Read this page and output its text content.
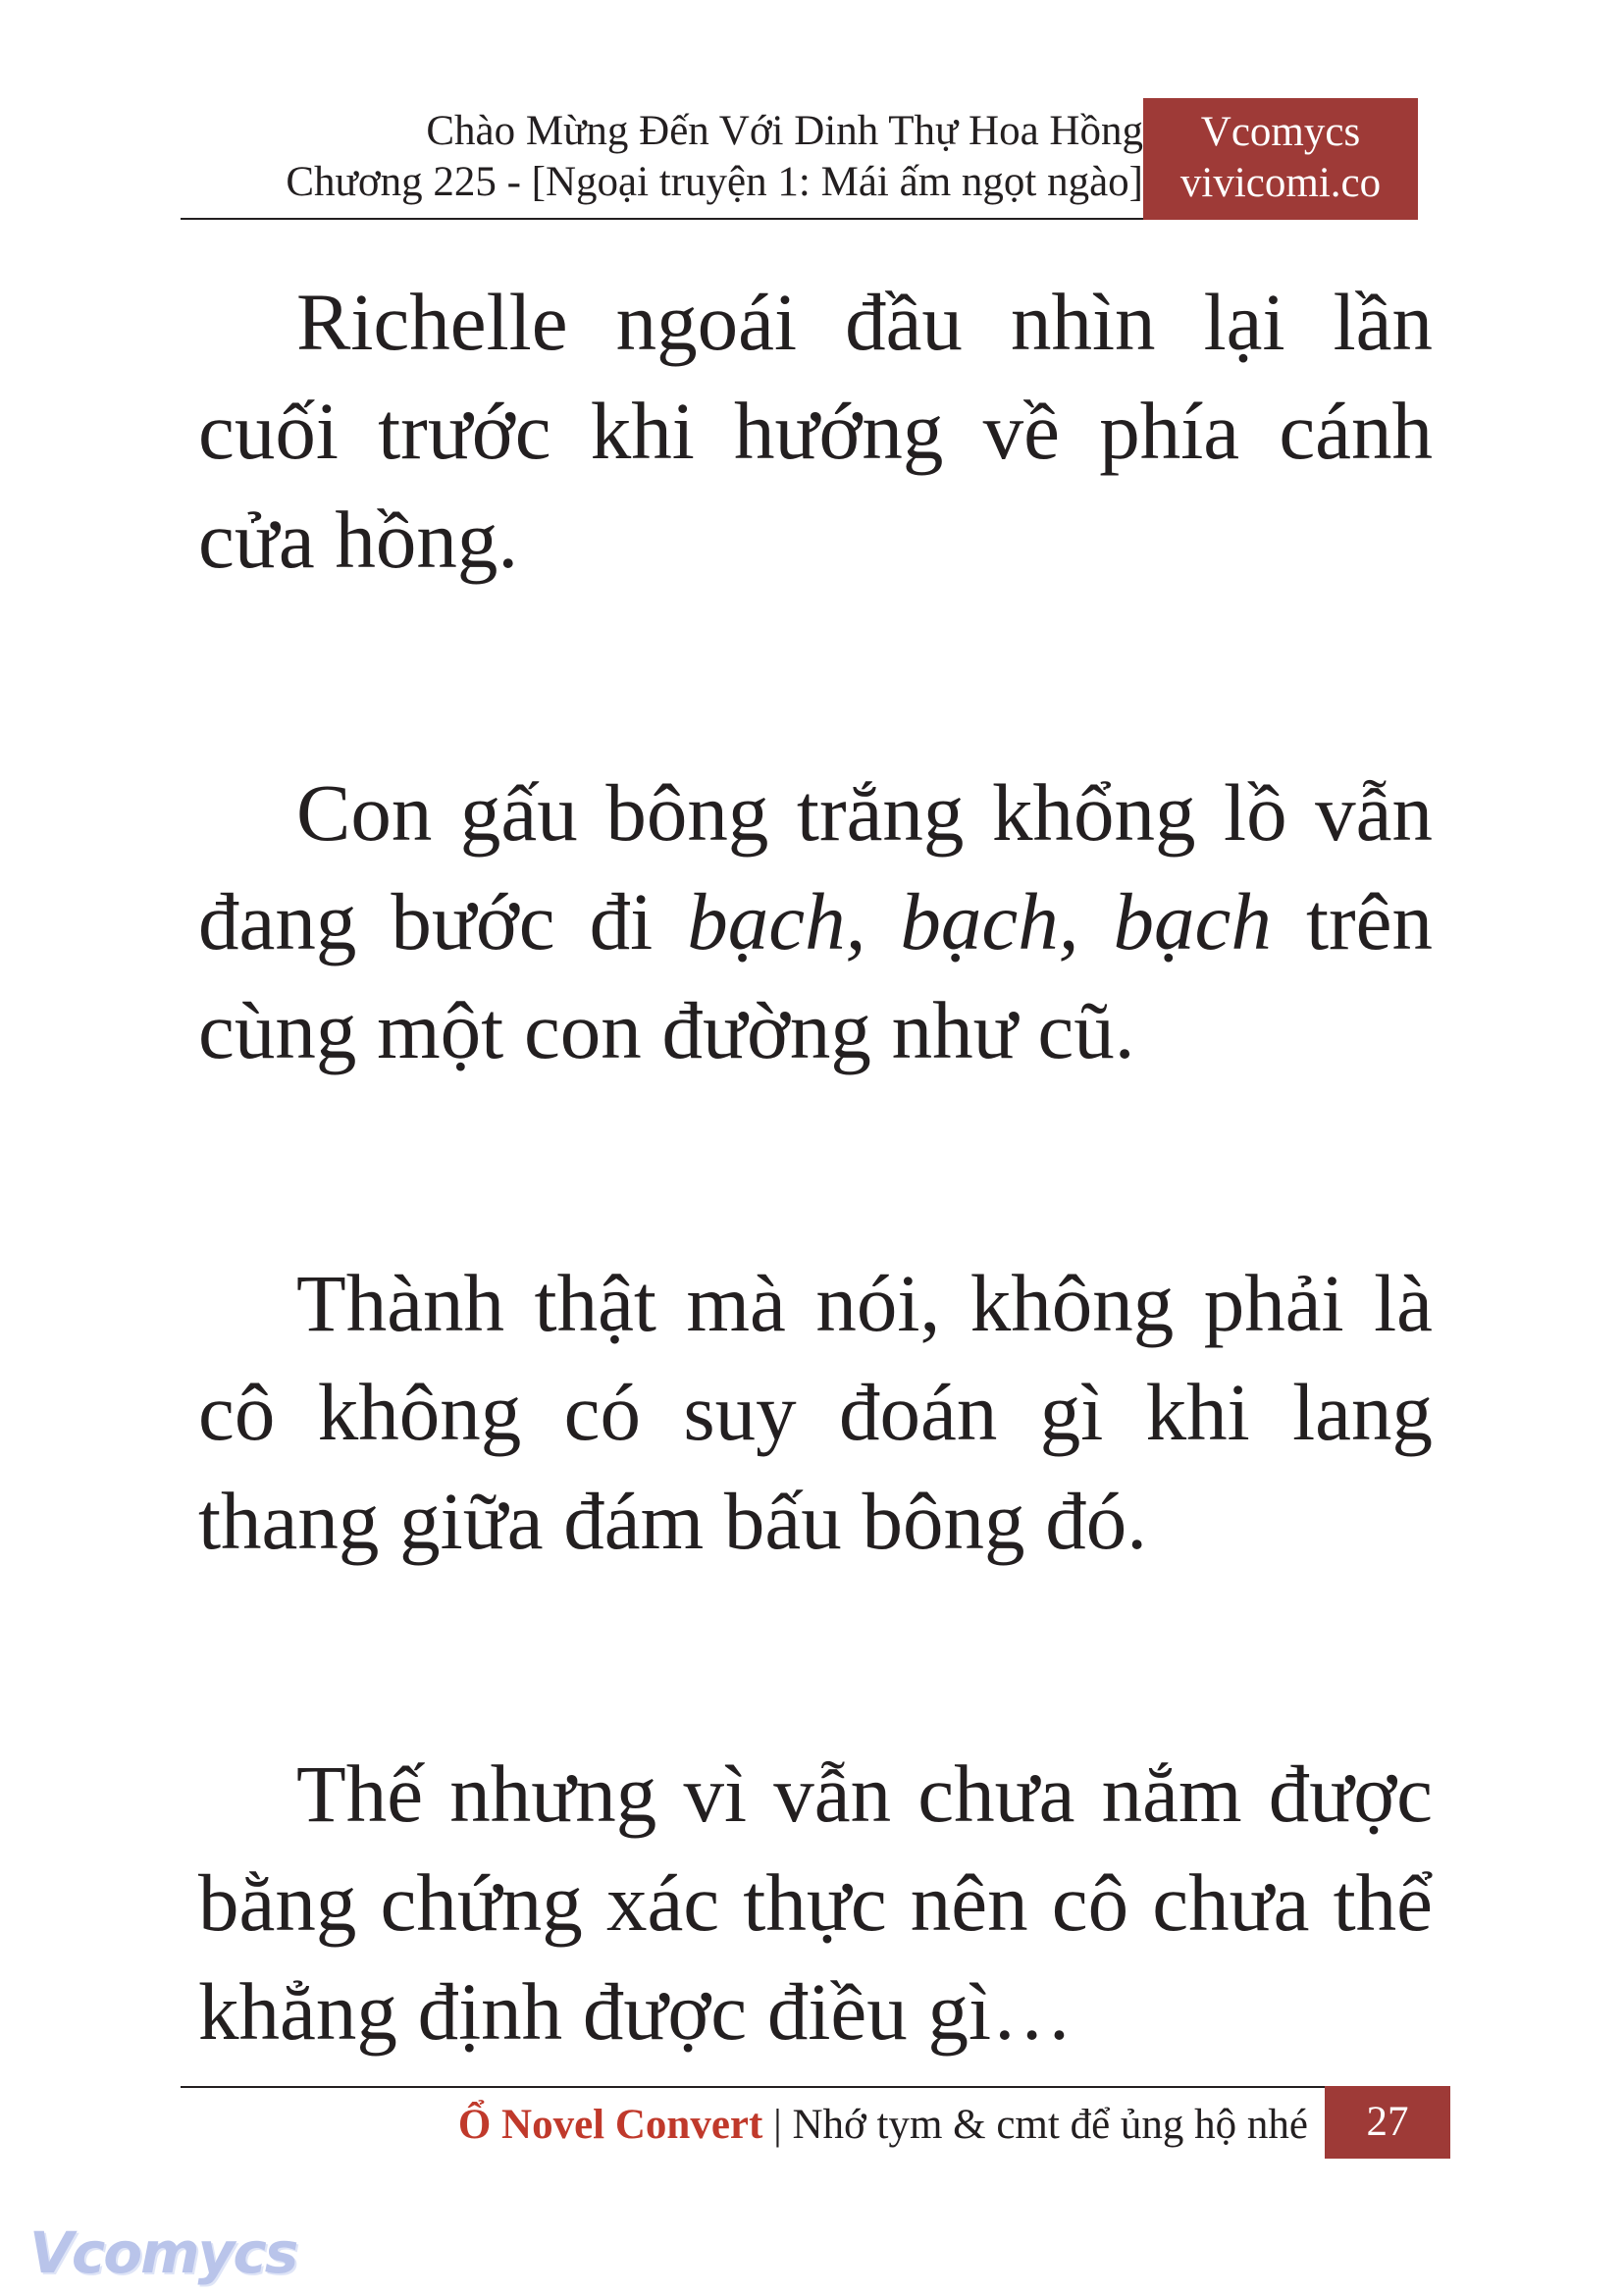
Chào Mừng Đến Với Dinh Thự Hoa Hồng
Chương 225 - [Ngoại truyện 1: Mái ấm ngọt ngào]
Vcomycs
vivicomi.co

Richelle ngoái đầu nhìn lại lần cuối trước khi hướng về phía cánh cửa hồng.

Con gấu bông trắng khổng lồ vẫn đang bước đi bạch, bạch, bạch trên cùng một con đường như cũ.

Thành thật mà nói, không phải là cô không có suy đoán gì khi lang thang giữa đám bấu bông đó.

Thế nhưng vì vẫn chưa nắm được bằng chứng xác thực nên cô chưa thể khẳng định được điều gì…

Ổ Novel Convert | Nhớ tym & cmt để ủng hộ nhé	27
Vcomycs
